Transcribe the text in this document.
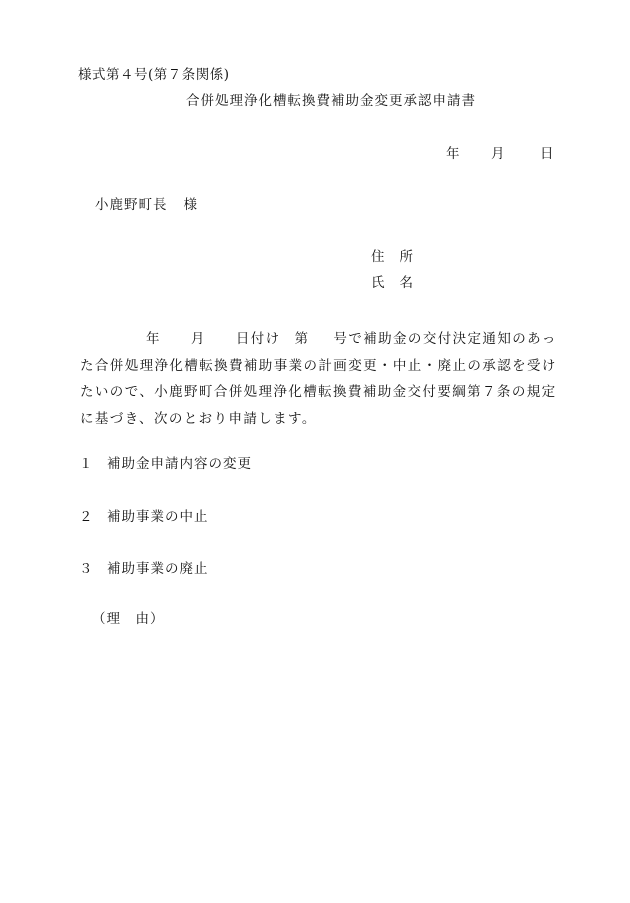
様式第４号(第７条関係)
合併処理浄化槽転換費補助金変更承認申請書
年 月	日
小鹿野町長 様
住 所
氏 名
年 月 日付け 第 号で補助金の交付決定通知のあっ
た合併処理浄化槽転換費補助事業の計画変更・中止・廃止の承認を受け
たいので、小鹿野町合併処理浄化槽転換費補助金交付要綱第７条の規定
に基づき、次のとおり申請します。
１ 補助金申請内容の変更
２ 補助事業の中止
３ 補助事業の廃止
（理　由）
